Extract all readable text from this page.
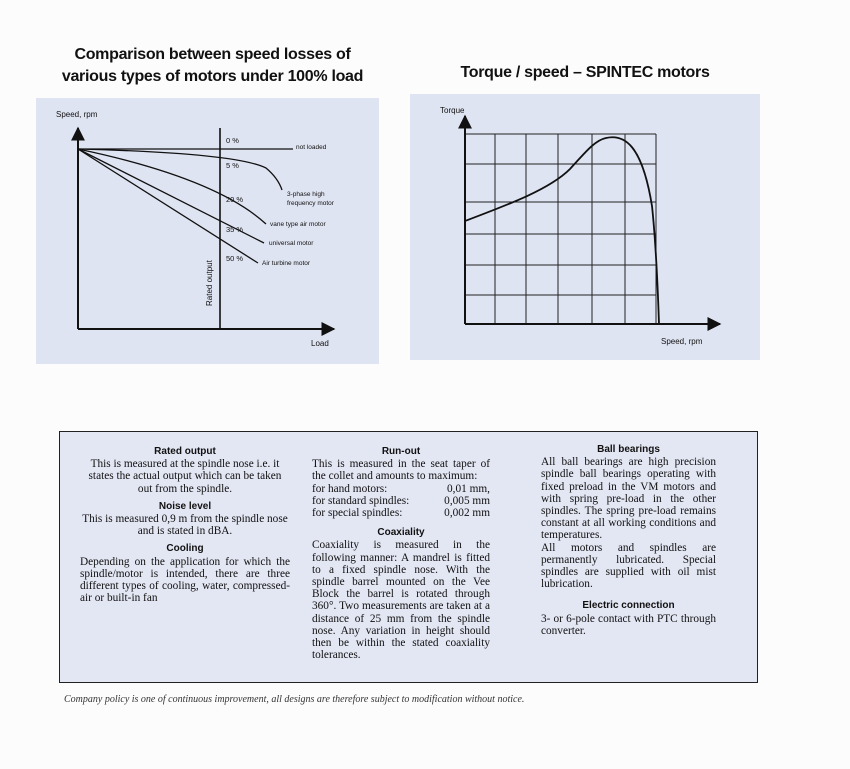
Comparison between speed losses of
various types of motors under 100% load	Torque / speed – SPINTEC motors
Speed, rpm
Load
Rated output
0 %
5 %
20 %
35 %
50 %
not loaded
3-phase high
frequency motor
vane type air motor
universal motor
Air turbine motor
Torque
Speed, rpm
Rated output

This is measured at the spindle nose i.e. it states the actual output which can be taken out from the spindle.

Noise level

This is measured 0,9 m from the spindle nose and is stated in dBA.

Cooling

Depending on the application for which the spindle/motor is intended, there are three different types of cooling, water, compressed-air or built-in fan

Run-out

This is measured in the seat taper of the collet and amounts to maximum:

for hand motors:	0,01 mm,
for standard spindles:	0,005 mm
for special spindles:	0,002 mm
Coaxiality

Coaxiality is measured in the following manner: A mandrel is fitted to a fixed spindle nose. With the spindle barrel mounted on the Vee Block the barrel is rotated through 360°. Two measurements are taken at a distance of 25 mm from the spindle nose. Any variation in height should then be within the stated coaxiality tolerances.

Ball bearings

All ball bearings are high precision spindle ball bearings operating with fixed preload in the VM motors and with spring pre-load in the other spindles. The spring pre-load remains constant at all working conditions and temperatures.

All motors and spindles are permanently lubricated. Special spindles are supplied with oil mist lubrication.

Electric connection

3- or 6-pole contact with PTC through converter.

Company policy is one of continuous improvement, all designs are therefore subject to modification without notice.
